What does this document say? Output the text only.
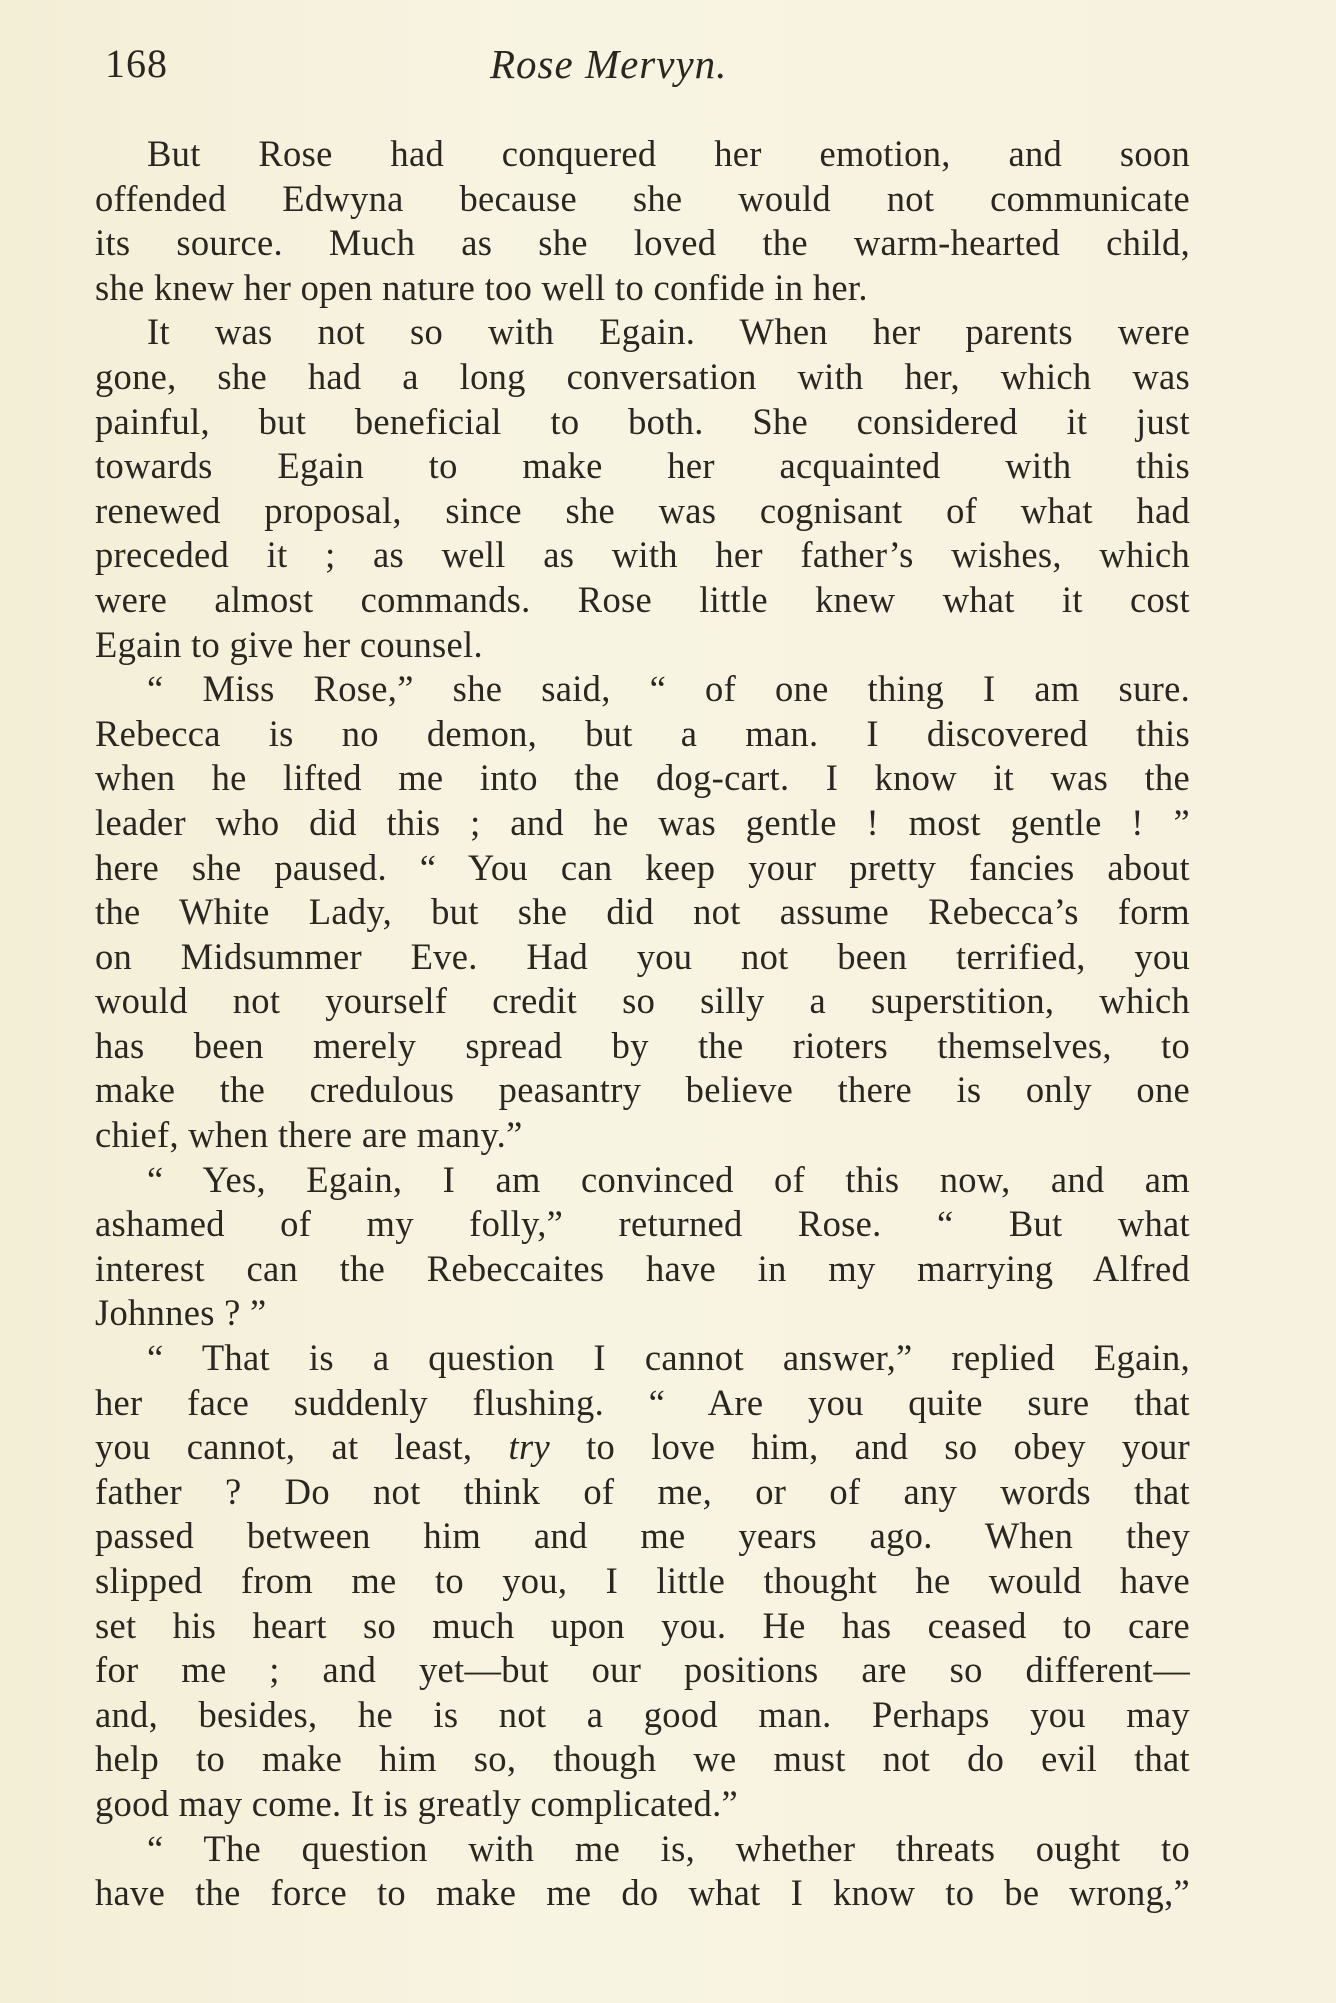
168	Rose Mervyn.
But Rose had conquered her emotion, and soon
offended Edwyna because she would not communicate
its source. Much as she loved the warm-hearted child,
she knew her open nature too well to confide in her.
It was not so with Egain. When her parents were
gone, she had a long conversation with her, which was
painful, but beneficial to both. She considered it just
towards Egain to make her acquainted with this
renewed proposal, since she was cognisant of what had
preceded it ; as well as with her father’s wishes, which
were almost commands. Rose little knew what it cost
Egain to give her counsel.
“ Miss Rose,” she said, “ of one thing I am sure.
Rebecca is no demon, but a man. I discovered this
when he lifted me into the dog-cart. I know it was the
leader who did this ; and he was gentle ! most gentle ! ”
here she paused. “ You can keep your pretty fancies about
the White Lady, but she did not assume Rebecca’s form
on Midsummer Eve. Had you not been terrified, you
would not yourself credit so silly a superstition, which
has been merely spread by the rioters themselves, to
make the credulous peasantry believe there is only one
chief, when there are many.”
“ Yes, Egain, I am convinced of this now, and am
ashamed of my folly,” returned Rose. “ But what
interest can the Rebeccaites have in my marrying Alfred
Johnnes ? ”
“ That is a question I cannot answer,” replied Egain,
her face suddenly flushing. “ Are you quite sure that
you cannot, at least, try to love him, and so obey your
father ? Do not think of me, or of any words that
passed between him and me years ago. When they
slipped from me to you, I little thought he would have
set his heart so much upon you. He has ceased to care
for me ; and yet—but our positions are so different—
and, besides, he is not a good man. Perhaps you may
help to make him so, though we must not do evil that
good may come. It is greatly complicated.”
“ The question with me is, whether threats ought to
have the force to make me do what I know to be wrong,”
